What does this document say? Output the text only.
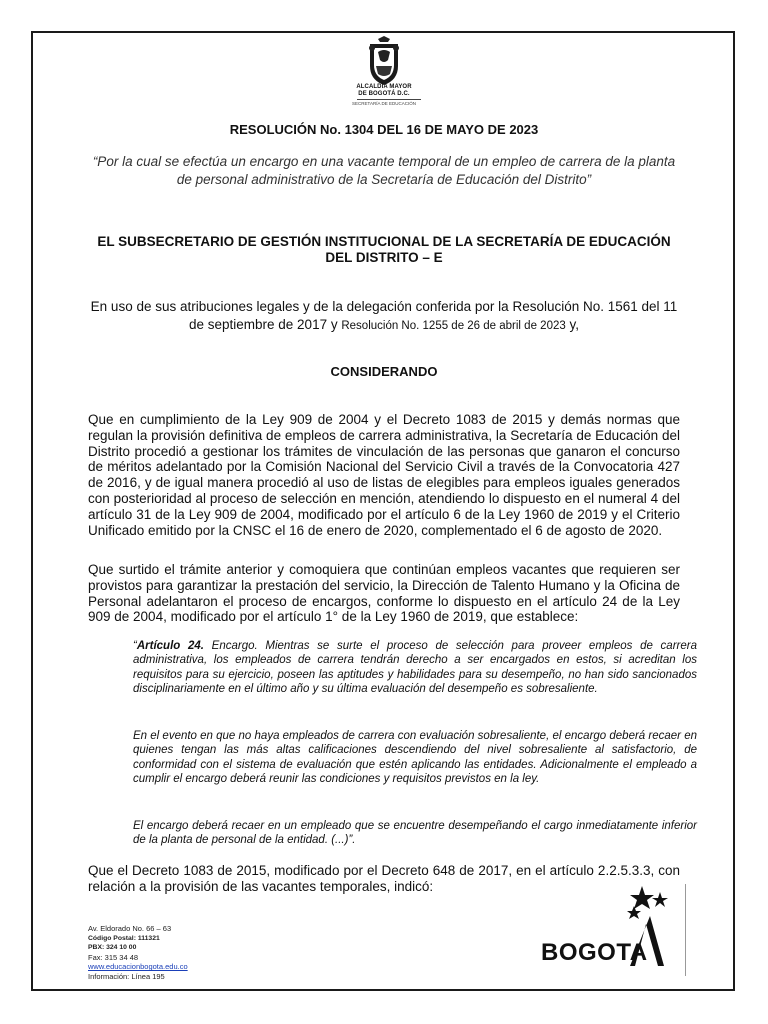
ALCALDÍA MAYOR
DE BOGOTÁ D.C.
SECRETARÍA DE EDUCACIÓN
RESOLUCIÓN No. 1304 DEL 16 DE MAYO DE 2023
“Por la cual se efectúa un encargo en una vacante temporal de un empleo de carrera de la planta de personal administrativo de la Secretaría de Educación del Distrito”
EL SUBSECRETARIO DE GESTIÓN INSTITUCIONAL DE LA SECRETARÍA DE EDUCACIÓN DEL DISTRITO – E
En uso de sus atribuciones legales y de la delegación conferida por la Resolución No. 1561 del 11 de septiembre de 2017 y Resolución No. 1255 de 26 de abril de 2023 y,
CONSIDERANDO
Que en cumplimiento de la Ley 909 de 2004 y el Decreto 1083 de 2015 y demás normas que regulan la provisión definitiva de empleos de carrera administrativa, la Secretaría de Educación del Distrito procedió a gestionar los trámites de vinculación de las personas que ganaron el concurso de méritos adelantado por la Comisión Nacional del Servicio Civil a través de la Convocatoria 427 de 2016, y de igual manera procedió al uso de listas de elegibles para empleos iguales generados con posterioridad al proceso de selección en mención, atendiendo lo dispuesto en el numeral 4 del artículo 31 de la Ley 909 de 2004, modificado por el artículo 6 de la Ley 1960 de 2019 y el Criterio Unificado emitido por la CNSC el 16 de enero de 2020, complementado el 6 de agosto de 2020.
Que surtido el trámite anterior y comoquiera que continúan empleos vacantes que requieren ser provistos para garantizar la prestación del servicio, la Dirección de Talento Humano y la Oficina de Personal adelantaron el proceso de encargos, conforme lo dispuesto en el artículo 24 de la Ley 909 de 2004, modificado por el artículo 1° de la Ley 1960 de 2019, que establece:
“Artículo 24. Encargo. Mientras se surte el proceso de selección para proveer empleos de carrera administrativa, los empleados de carrera tendrán derecho a ser encargados en estos, si acreditan los requisitos para su ejercicio, poseen las aptitudes y habilidades para su desempeño, no han sido sancionados disciplinariamente en el último año y su última evaluación del desempeño es sobresaliente.
En el evento en que no haya empleados de carrera con evaluación sobresaliente, el encargo deberá recaer en quienes tengan las más altas calificaciones descendiendo del nivel sobresaliente al satisfactorio, de conformidad con el sistema de evaluación que estén aplicando las entidades. Adicionalmente el empleado a cumplir el encargo deberá reunir las condiciones y requisitos previstos en la ley.
El encargo deberá recaer en un empleado que se encuentre desempeñando el cargo inmediatamente inferior de la planta de personal de la entidad. (...)”.
Que el Decreto 1083 de 2015, modificado por el Decreto 648 de 2017, en el artículo 2.2.5.3.3, con relación a la provisión de las vacantes temporales, indicó:
Av. Eldorado No. 66 – 63
Código Postal: 111321
PBX: 324 10 00
Fax: 315 34 48
www.educacionbogota.edu.co
Información: Línea 195
BOGOTA
